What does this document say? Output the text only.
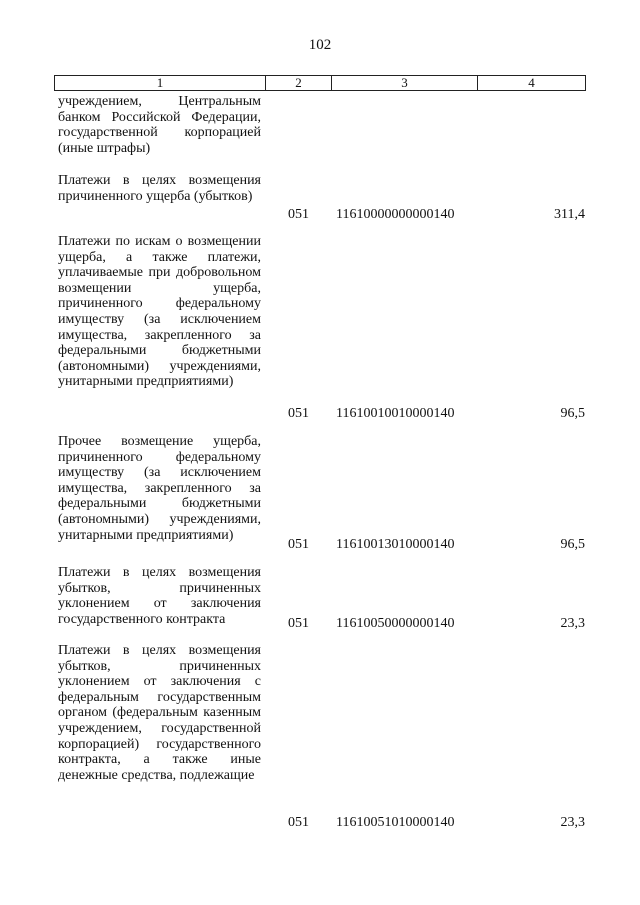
102
1	2	3	4
учреждением, Центральным банком Российской Федерации, государственной корпорацией (иные штрафы)
Платежи в целях возмещения причиненного ущерба (убытков)
051	11610000000000140	311,4
Платежи по искам о возмещении ущерба, а также платежи, уплачиваемые при добровольном возмещении ущерба, причиненного федеральному имуществу (за исключением имущества, закрепленного за федеральными бюджетными (автономными) учреждениями, унитарными предприятиями)
051	11610010010000140	96,5
Прочее возмещение ущерба, причиненного федеральному имуществу (за исключением имущества, закрепленного за федеральными бюджетными (автономными) учреждениями, унитарными предприятиями)
051	11610013010000140	96,5
Платежи в целях возмещения убытков, причиненных уклонением от заключения государственного контракта	051	11610050000000140	23,3
Платежи в целях возмещения убытков, причиненных уклонением от заключения с федеральным государственным органом (федеральным казенным учреждением, государственной корпорацией) государственного контракта, а также иные денежные средства, подлежащие
051	11610051010000140	23,3
